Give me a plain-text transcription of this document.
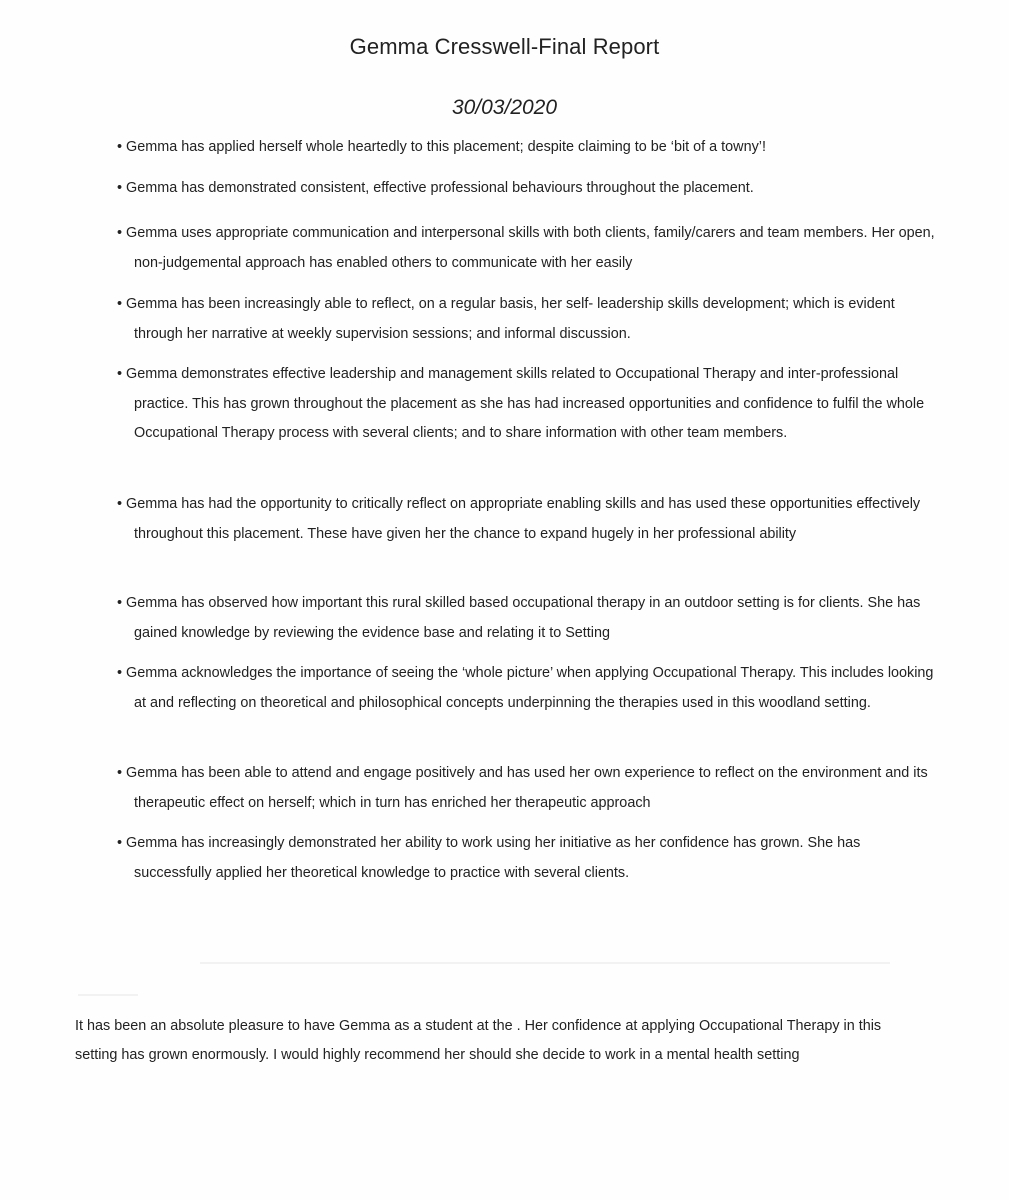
Gemma Cresswell-Final Report
30/03/2020
• Gemma has applied herself whole heartedly to this placement; despite claiming to be ‘bit of a towny’!
• Gemma has demonstrated consistent, effective professional behaviours throughout the placement.
• Gemma uses appropriate communication and interpersonal skills with both clients, family/carers and team members. Her open, non-judgemental approach has enabled others to communicate with her easily
• Gemma has been increasingly able to reflect, on a regular basis, her self- leadership skills development; which is evident through her narrative at weekly supervision sessions; and informal discussion.
• Gemma demonstrates effective leadership and management skills related to Occupational Therapy and inter-professional practice. This has grown throughout the placement as she has had increased opportunities and confidence to fulfil the whole Occupational Therapy process with several clients; and to share information with other team members.
• Gemma has had the opportunity to critically reflect on appropriate enabling skills and has used these opportunities effectively throughout this placement. These have given her the chance to expand hugely in her professional ability
• Gemma has observed how important this rural skilled based occupational therapy in an outdoor setting is for clients. She has gained knowledge by reviewing the evidence base and relating it to Setting
• Gemma acknowledges the importance of seeing the ‘whole picture’ when applying Occupational Therapy. This includes looking at and reflecting on theoretical and philosophical concepts underpinning the therapies used in this woodland setting.
• Gemma has been able to attend and engage positively and has used her own experience to reflect on the environment and its therapeutic effect on herself; which in turn has enriched her therapeutic approach
• Gemma has increasingly demonstrated her ability to work using her initiative as her confidence has grown. She has successfully applied her theoretical knowledge to practice with several clients.
It has been an absolute pleasure to have Gemma as a student at the . Her confidence at applying Occupational Therapy in this setting has grown enormously. I would highly recommend her should she decide to work in a mental health setting
